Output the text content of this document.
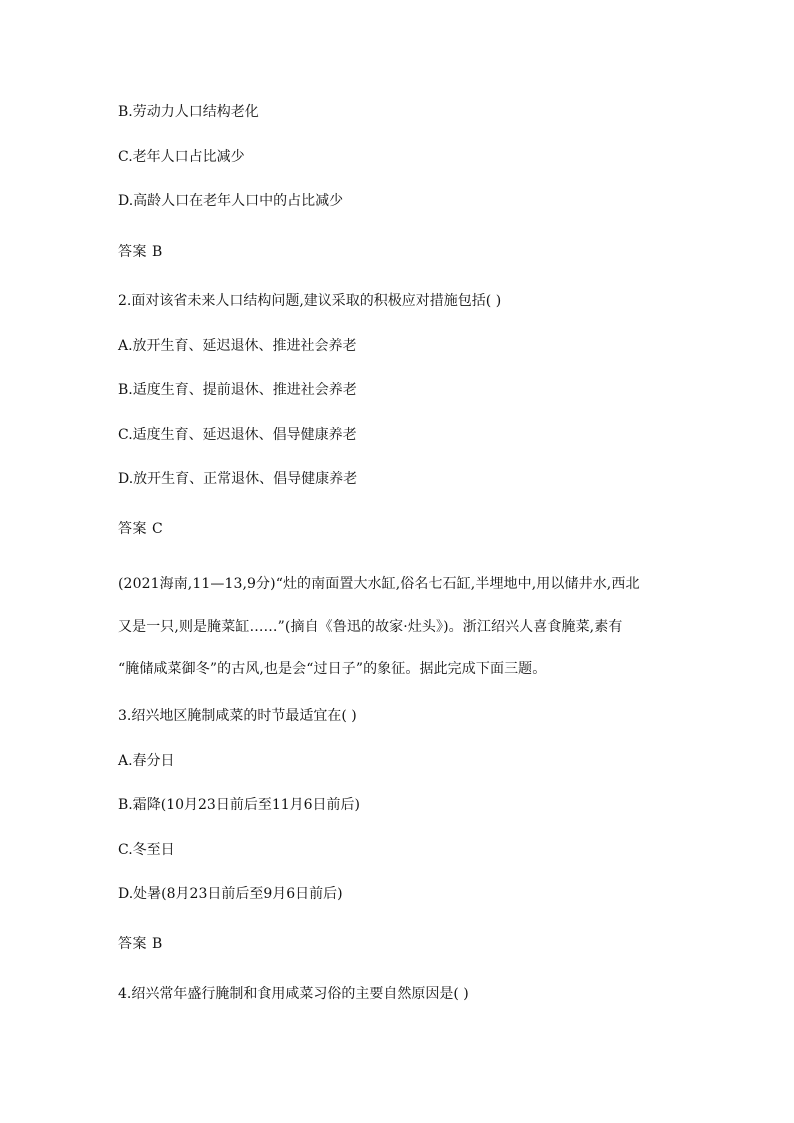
B.劳动力人口结构老化
C.老年人口占比减少
D.高龄人口在老年人口中的占比减少
答案 B
2.面对该省未来人口结构问题,建议采取的积极应对措施包括( )
A.放开生育、延迟退休、推进社会养老
B.适度生育、提前退休、推进社会养老
C.适度生育、延迟退休、倡导健康养老
D.放开生育、正常退休、倡导健康养老
答案 C
(2021海南,11—13,9分)“灶的南面置大水缸,俗名七石缸,半埋地中,用以储井水,西北
又是一只,则是腌菜缸……”(摘自《鲁迅的故家·灶头》)。浙江绍兴人喜食腌菜,素有
“腌储咸菜御冬”的古风,也是会“过日子”的象征。据此完成下面三题。
3.绍兴地区腌制咸菜的时节最适宜在( )
A.春分日
B.霜降(10月23日前后至11月6日前后)
C.冬至日
D.处暑(8月23日前后至9月6日前后)
答案 B
4.绍兴常年盛行腌制和食用咸菜习俗的主要自然原因是( )
